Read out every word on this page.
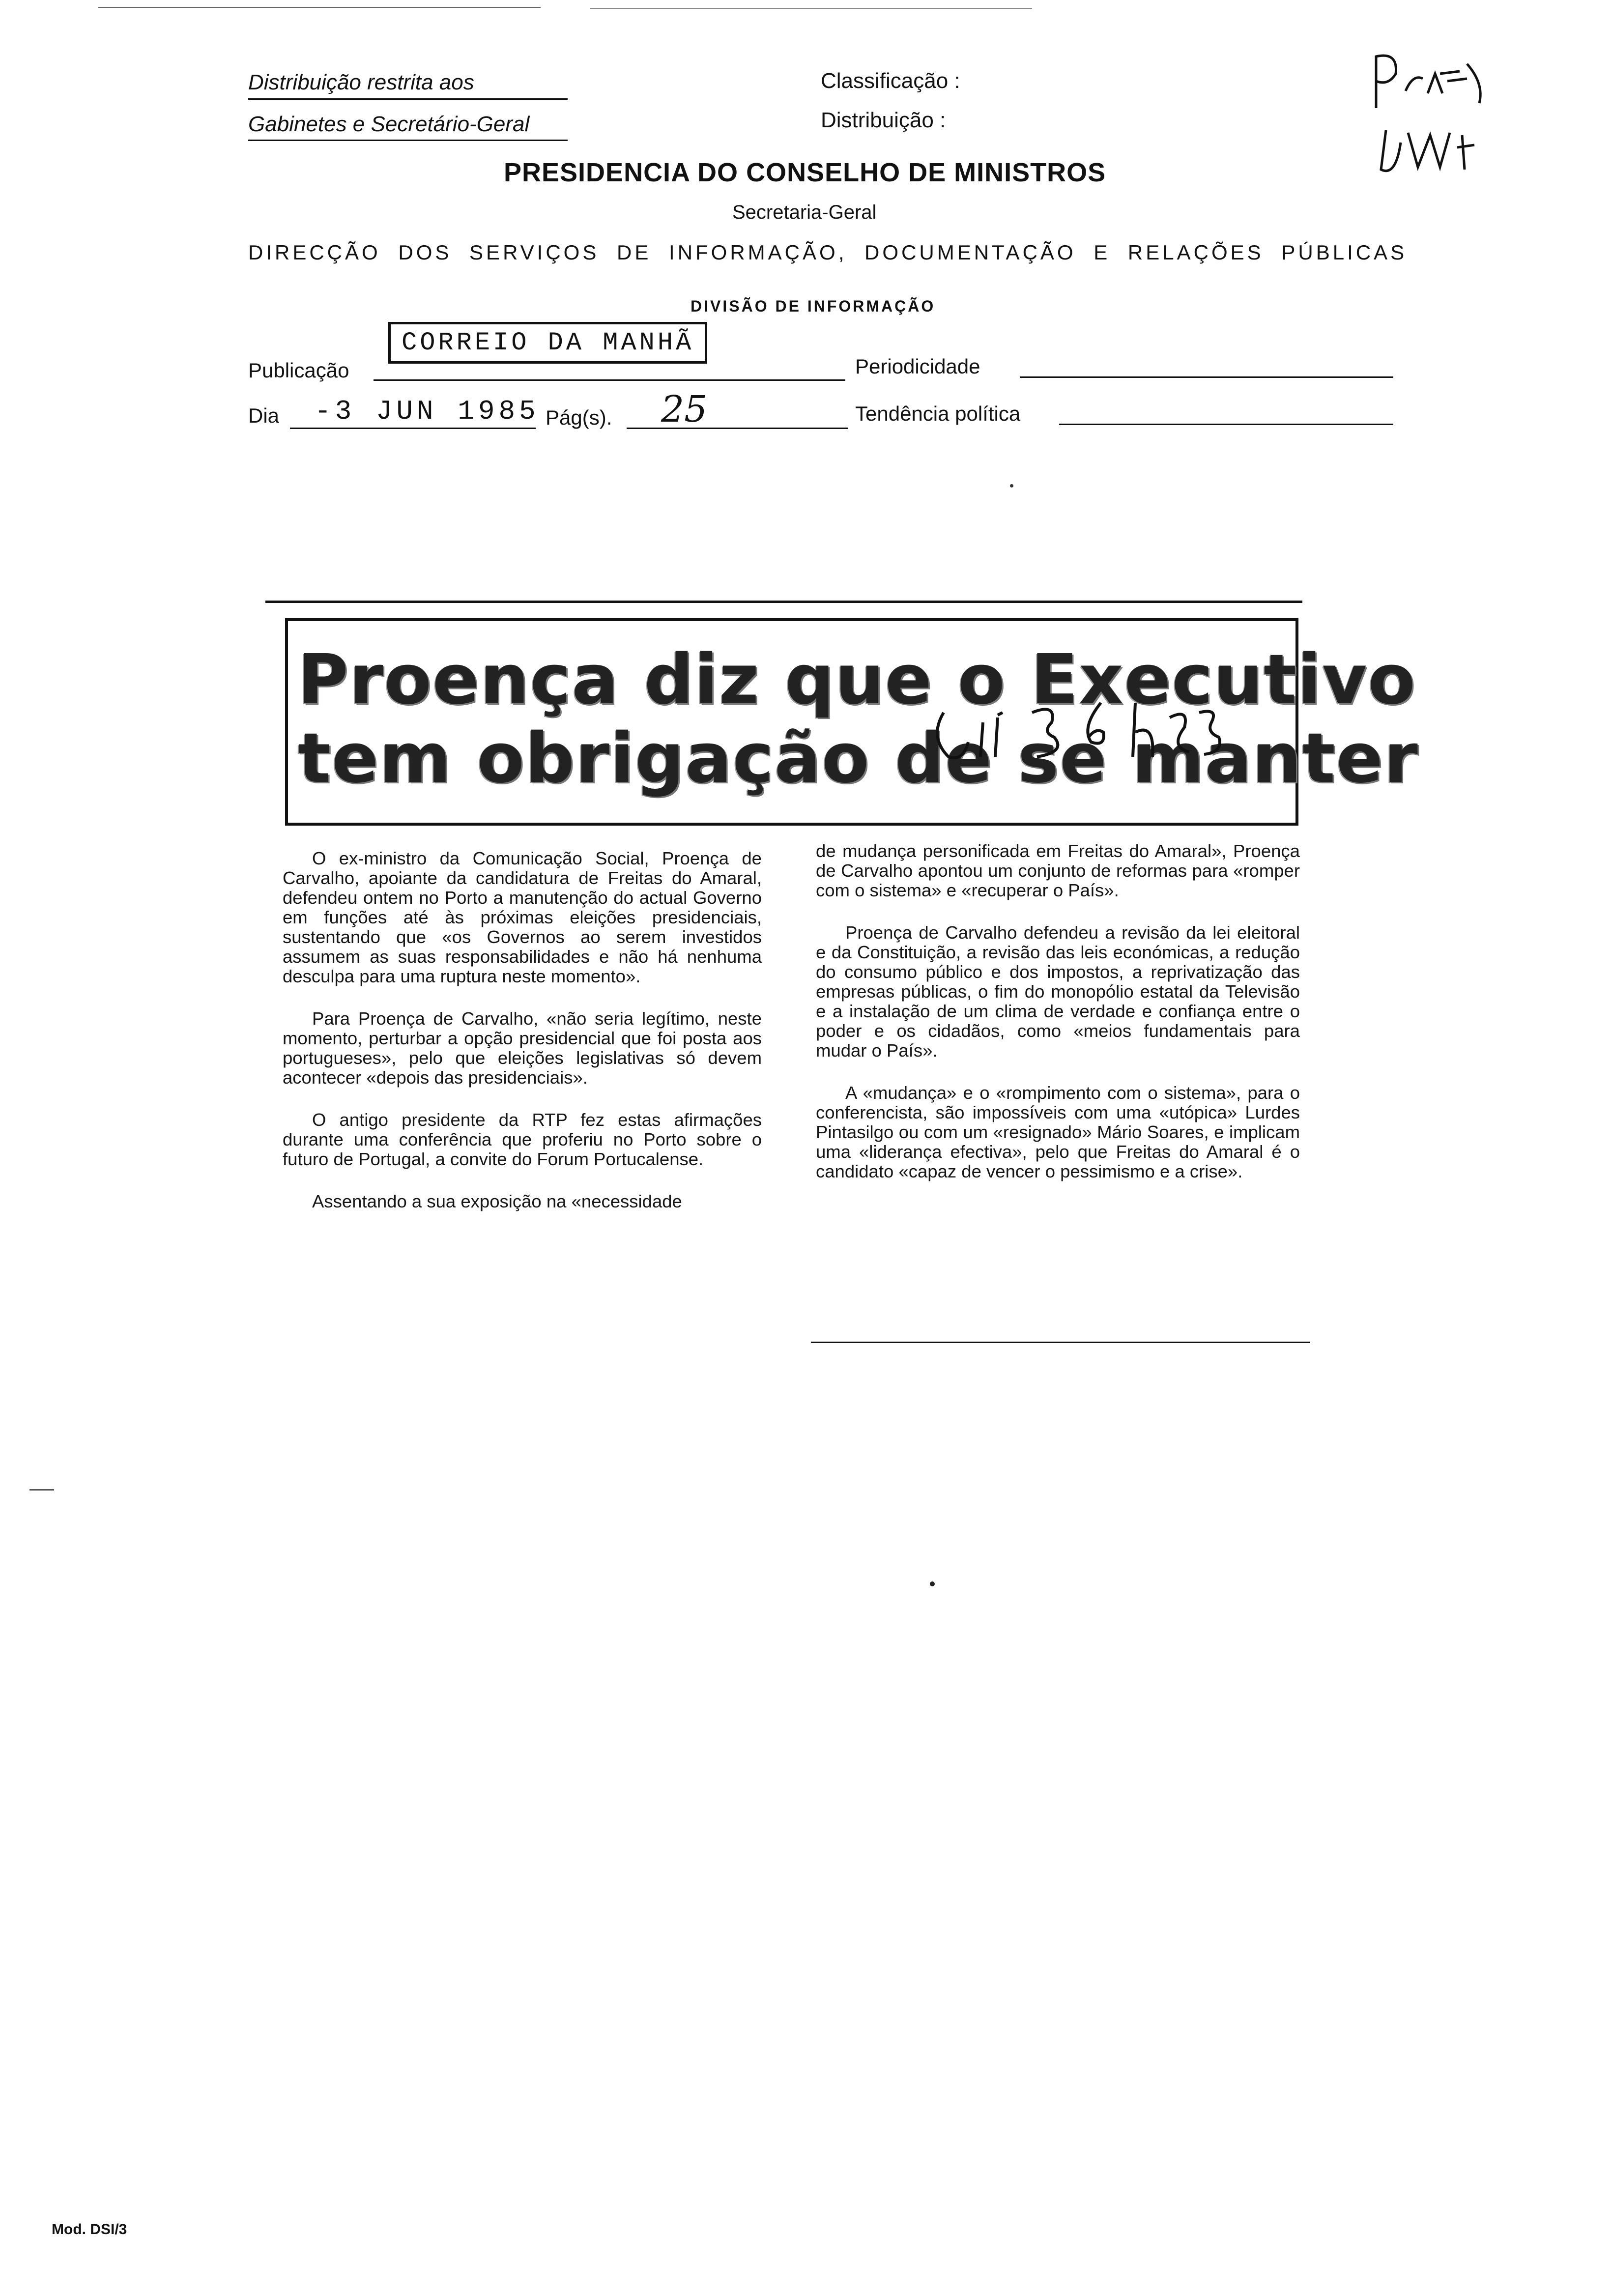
Distribuição restrita aos
Gabinetes e Secretário-Geral
Classificação :
Distribuição :
PRESIDENCIA DO CONSELHO DE MINISTROS
Secretaria-Geral
DIRECÇÃO DOS SERVIÇOS DE INFORMAÇÃO, DOCUMENTAÇÃO E RELAÇÕES PÚBLICAS
DIVISÃO DE INFORMAÇÃO
Publicação
CORREIO DA MANHÃ
Periodicidade
Dia -3 JUN 1985 Pág(s). 25	Tendência política
Proença diz que o Executivo
tem obrigação de se manter

O ex-ministro da Comunicação Social, Proença de Carvalho, apoiante da candidatura de Freitas do Amaral, defendeu ontem no Porto a manutenção do actual Governo em funções até às próximas eleições presidenciais, sustentando que «os Governos ao serem investidos assumem as suas responsabilidades e não há nenhuma desculpa para uma ruptura neste momento».

Para Proença de Carvalho, «não seria legítimo, neste momento, perturbar a opção presidencial que foi posta aos portugueses», pelo que eleições legislativas só devem acontecer «depois das presidenciais».

O antigo presidente da RTP fez estas afirmações durante uma conferência que proferiu no Porto sobre o futuro de Portugal, a convite do Forum Portucalense.

Assentando a sua exposição na «necessidade

de mudança personificada em Freitas do Amaral», Proença de Carvalho apontou um conjunto de reformas para «romper com o sistema» e «recuperar o País».

Proença de Carvalho defendeu a revisão da lei eleitoral e da Constituição, a revisão das leis económicas, a redução do consumo público e dos impostos, a reprivatização das empresas públicas, o fim do monopólio estatal da Televisão e a instalação de um clima de verdade e confiança entre o poder e os cidadãos, como «meios fundamentais para mudar o País».

A «mudança» e o «rompimento com o sistema», para o conferencista, são impossíveis com uma «utópica» Lurdes Pintasilgo ou com um «resignado» Mário Soares, e implicam uma «liderança efectiva», pelo que Freitas do Amaral é o candidato «capaz de vencer o pessimismo e a crise».

Mod. DSI/3
